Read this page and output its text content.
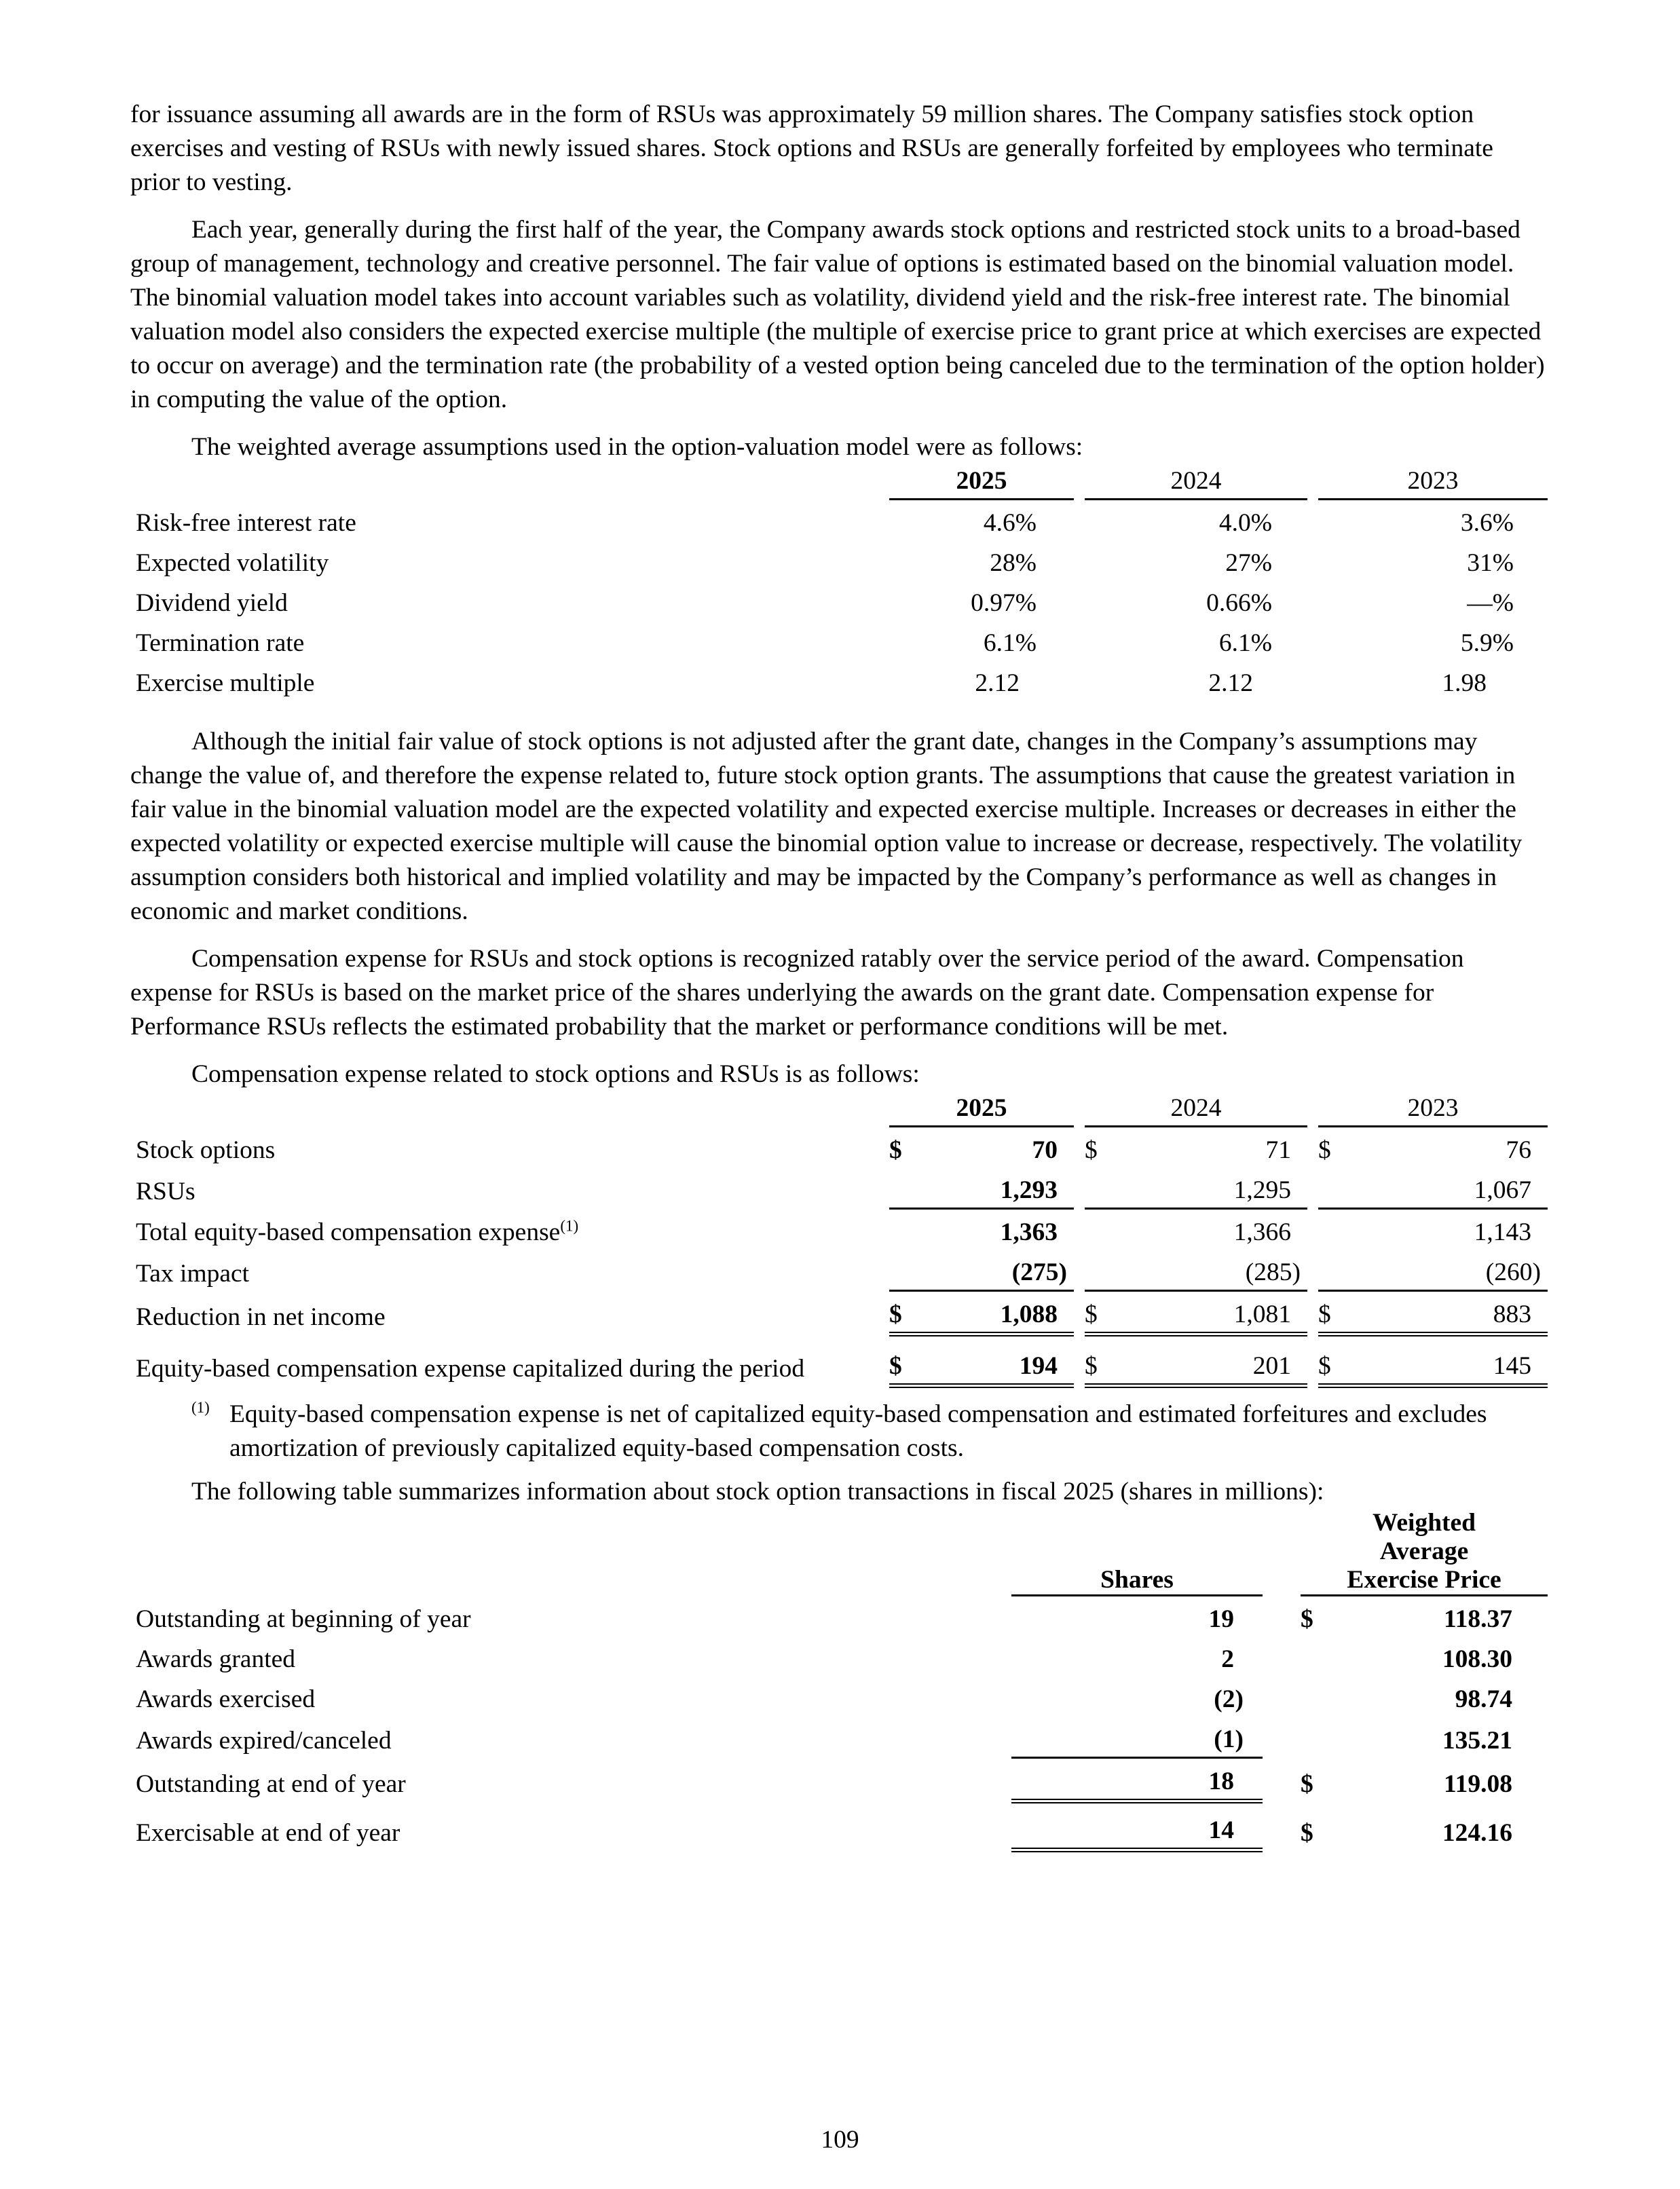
for issuance assuming all awards are in the form of RSUs was approximately 59 million shares. The Company satisfies stock option exercises and vesting of RSUs with newly issued shares. Stock options and RSUs are generally forfeited by employees who terminate prior to vesting.

Each year, generally during the first half of the year, the Company awards stock options and restricted stock units to a broad-based group of management, technology and creative personnel. The fair value of options is estimated based on the binomial valuation model. The binomial valuation model takes into account variables such as volatility, dividend yield and the risk-free interest rate. The binomial valuation model also considers the expected exercise multiple (the multiple of exercise price to grant price at which exercises are expected to occur on average) and the termination rate (the probability of a vested option being canceled due to the termination of the option holder) in computing the value of the option.

The weighted average assumptions used in the option-valuation model were as follows:

	2025		2024		2023
Risk-free interest rate	4.6%		4.0%		3.6%
Expected volatility	28%		27%		31%
Dividend yield	0.97%		0.66%		—%
Termination rate	6.1%		6.1%		5.9%
Exercise multiple	2.12		2.12		1.98

Although the initial fair value of stock options is not adjusted after the grant date, changes in the Company’s assumptions may change the value of, and therefore the expense related to, future stock option grants. The assumptions that cause the greatest variation in fair value in the binomial valuation model are the expected volatility and expected exercise multiple. Increases or decreases in either the expected volatility or expected exercise multiple will cause the binomial option value to increase or decrease, respectively. The volatility assumption considers both historical and implied volatility and may be impacted by the Company’s performance as well as changes in economic and market conditions.

Compensation expense for RSUs and stock options is recognized ratably over the service period of the award. Compensation expense for RSUs is based on the market price of the shares underlying the awards on the grant date. Compensation expense for Performance RSUs reflects the estimated probability that the market or performance conditions will be met.

Compensation expense related to stock options and RSUs is as follows:

	2025			2024			2023	
Stock options	$	70		$	71		$	76
RSUs		1,293			1,295			1,067
Total equity-based compensation expense$^{(1)}$		1,363			1,366			1,143
Tax impact		(275)			(285)			(260)
Reduction in net income	$	1,088		$	1,081		$	883
Equity-based compensation expense capitalized during the period	$	194		$	201		$	145
(1) Equity-based compensation expense is net of capitalized equity-based compensation and estimated forfeitures and excludes amortization of previously capitalized equity-based compensation costs.

The following table summarizes information about stock option transactions in fiscal 2025 (shares in millions):

	Shares		Weighted
Average
Exercise Price	

Outstanding at beginning of year	19		$	118.37
Awards granted	2			108.30
Awards exercised	(2)			98.74
Awards expired/canceled	(1)			135.21
Outstanding at end of year	18		$	119.08
Exercisable at end of year	14		$	124.16
109
